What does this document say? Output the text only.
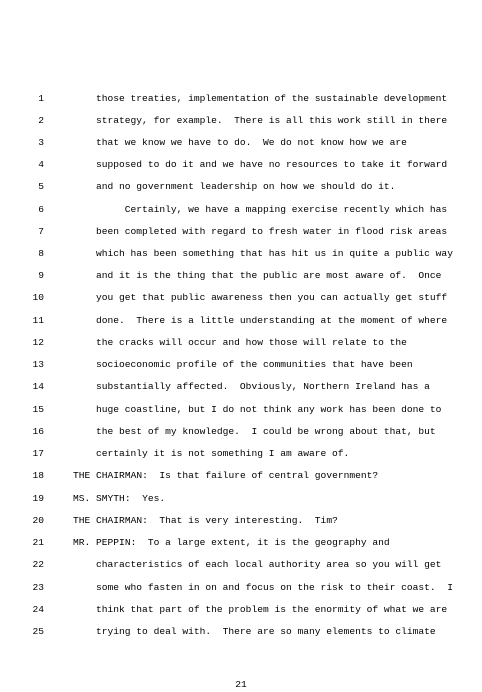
1	those treaties, implementation of the sustainable development
2	strategy, for example.  There is all this work still in there
3	that we know we have to do.  We do not know how we are
4	supposed to do it and we have no resources to take it forward
5	and no government leadership on how we should do it.
6	Certainly, we have a mapping exercise recently which has
7	been completed with regard to fresh water in flood risk areas
8	which has been something that has hit us in quite a public way
9	and it is the thing that the public are most aware of.  Once
10	you get that public awareness then you can actually get stuff
11	done.  There is a little understanding at the moment of where
12	the cracks will occur and how those will relate to the
13	socioeconomic profile of the communities that have been
14	substantially affected.  Obviously, Northern Ireland has a
15	huge coastline, but I do not think any work has been done to
16	the best of my knowledge.  I could be wrong about that, but
17	certainly it is not something I am aware of.
18	THE CHAIRMAN:  Is that failure of central government?
19	MS. SMYTH:  Yes.
20	THE CHAIRMAN:  That is very interesting.  Tim?
21	MR. PEPPIN:  To a large extent, it is the geography and
22	characteristics of each local authority area so you will get
23	some who fasten in on and focus on the risk to their coast.  I
24	think that part of the problem is the enormity of what we are
25	trying to deal with.  There are so many elements to climate
21
